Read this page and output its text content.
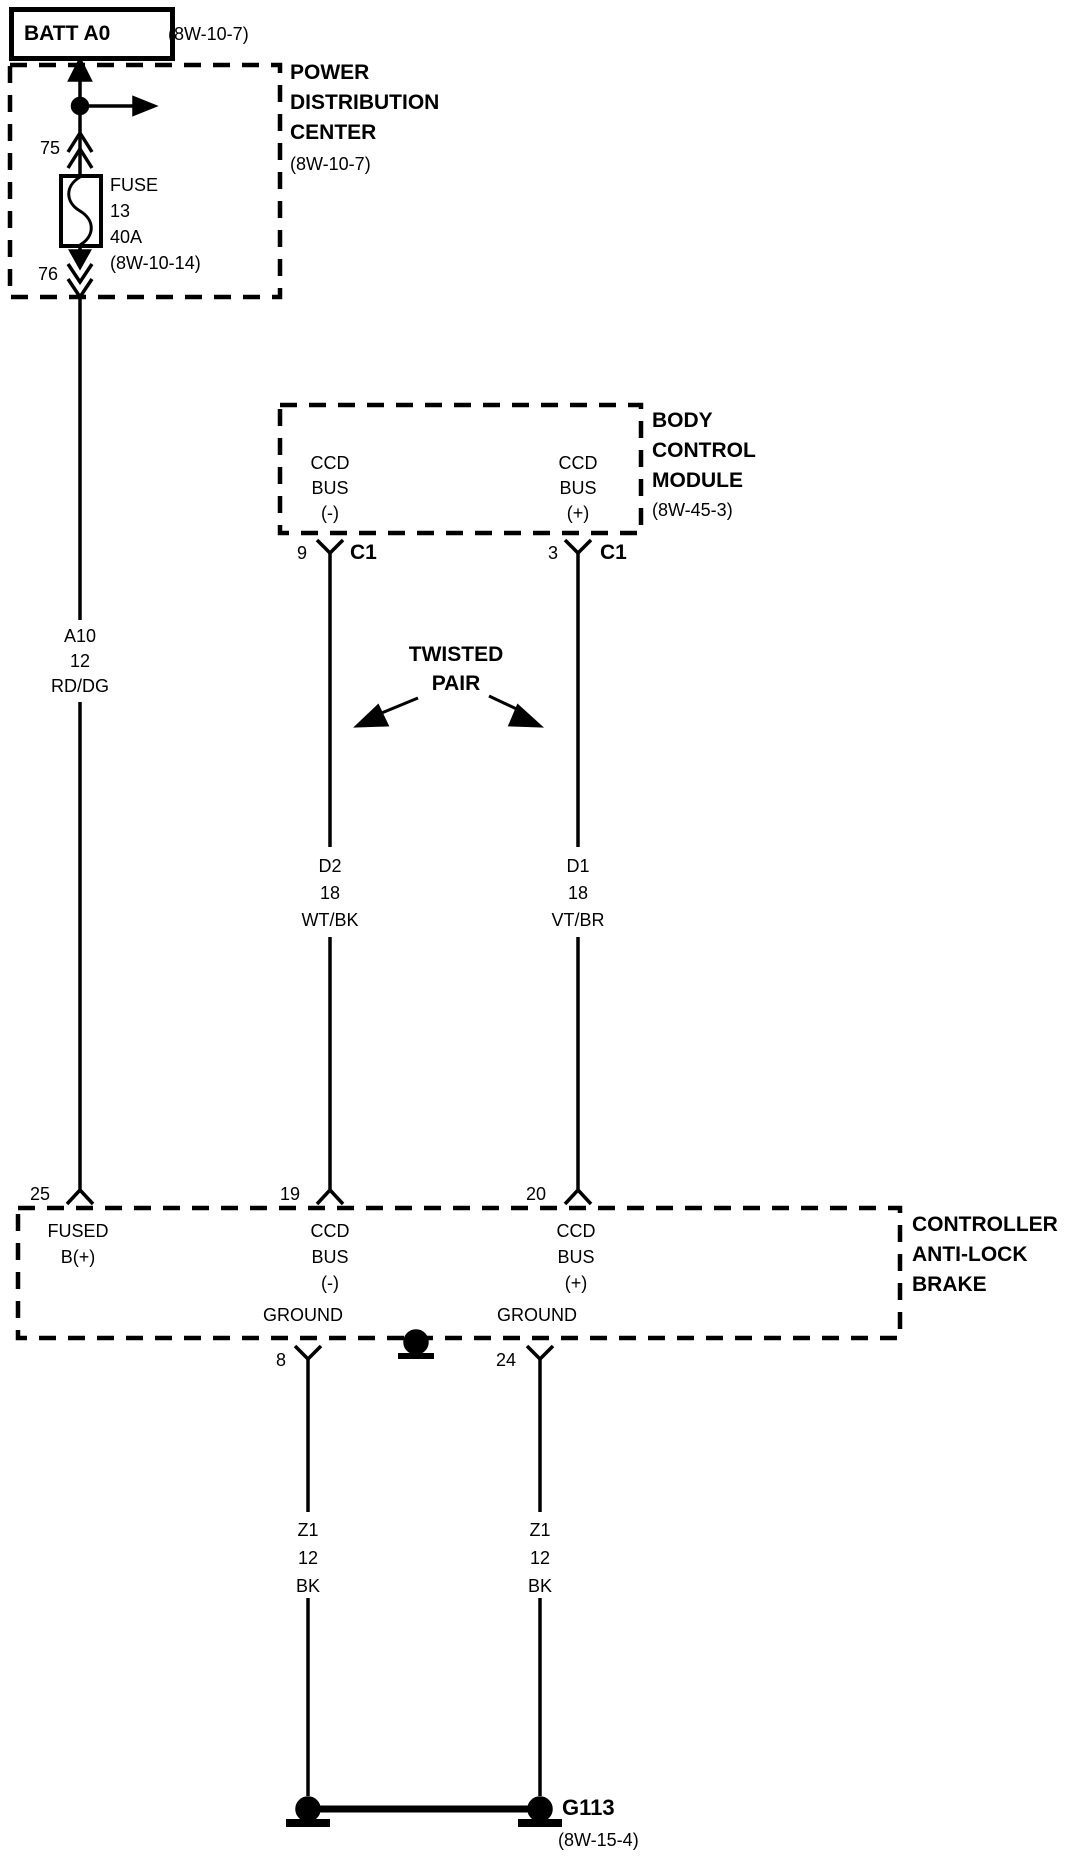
BATT A0	(8W-10-7)
POWER
DISTRIBUTION
CENTER
(8W-10-7)
75
76
FUSE
13
40A
(8W-10-14)
A10
12
RD/DG
BODY
CONTROL
MODULE
(8W-45-3)
CCD
BUS
(-)
CCD
BUS
(+)
9 C1	3 C1
TWISTED
PAIR
D2
18
WT/BK
D1
18
VT/BR
25	19	20
FUSED
B(+)
CCD
BUS
(-)
CCD
BUS
(+)
GROUND	GROUND
CONTROLLER
ANTI-LOCK
BRAKE
8	24
Z1
12
BK
Z1
12
BK
G113
(8W-15-4)
